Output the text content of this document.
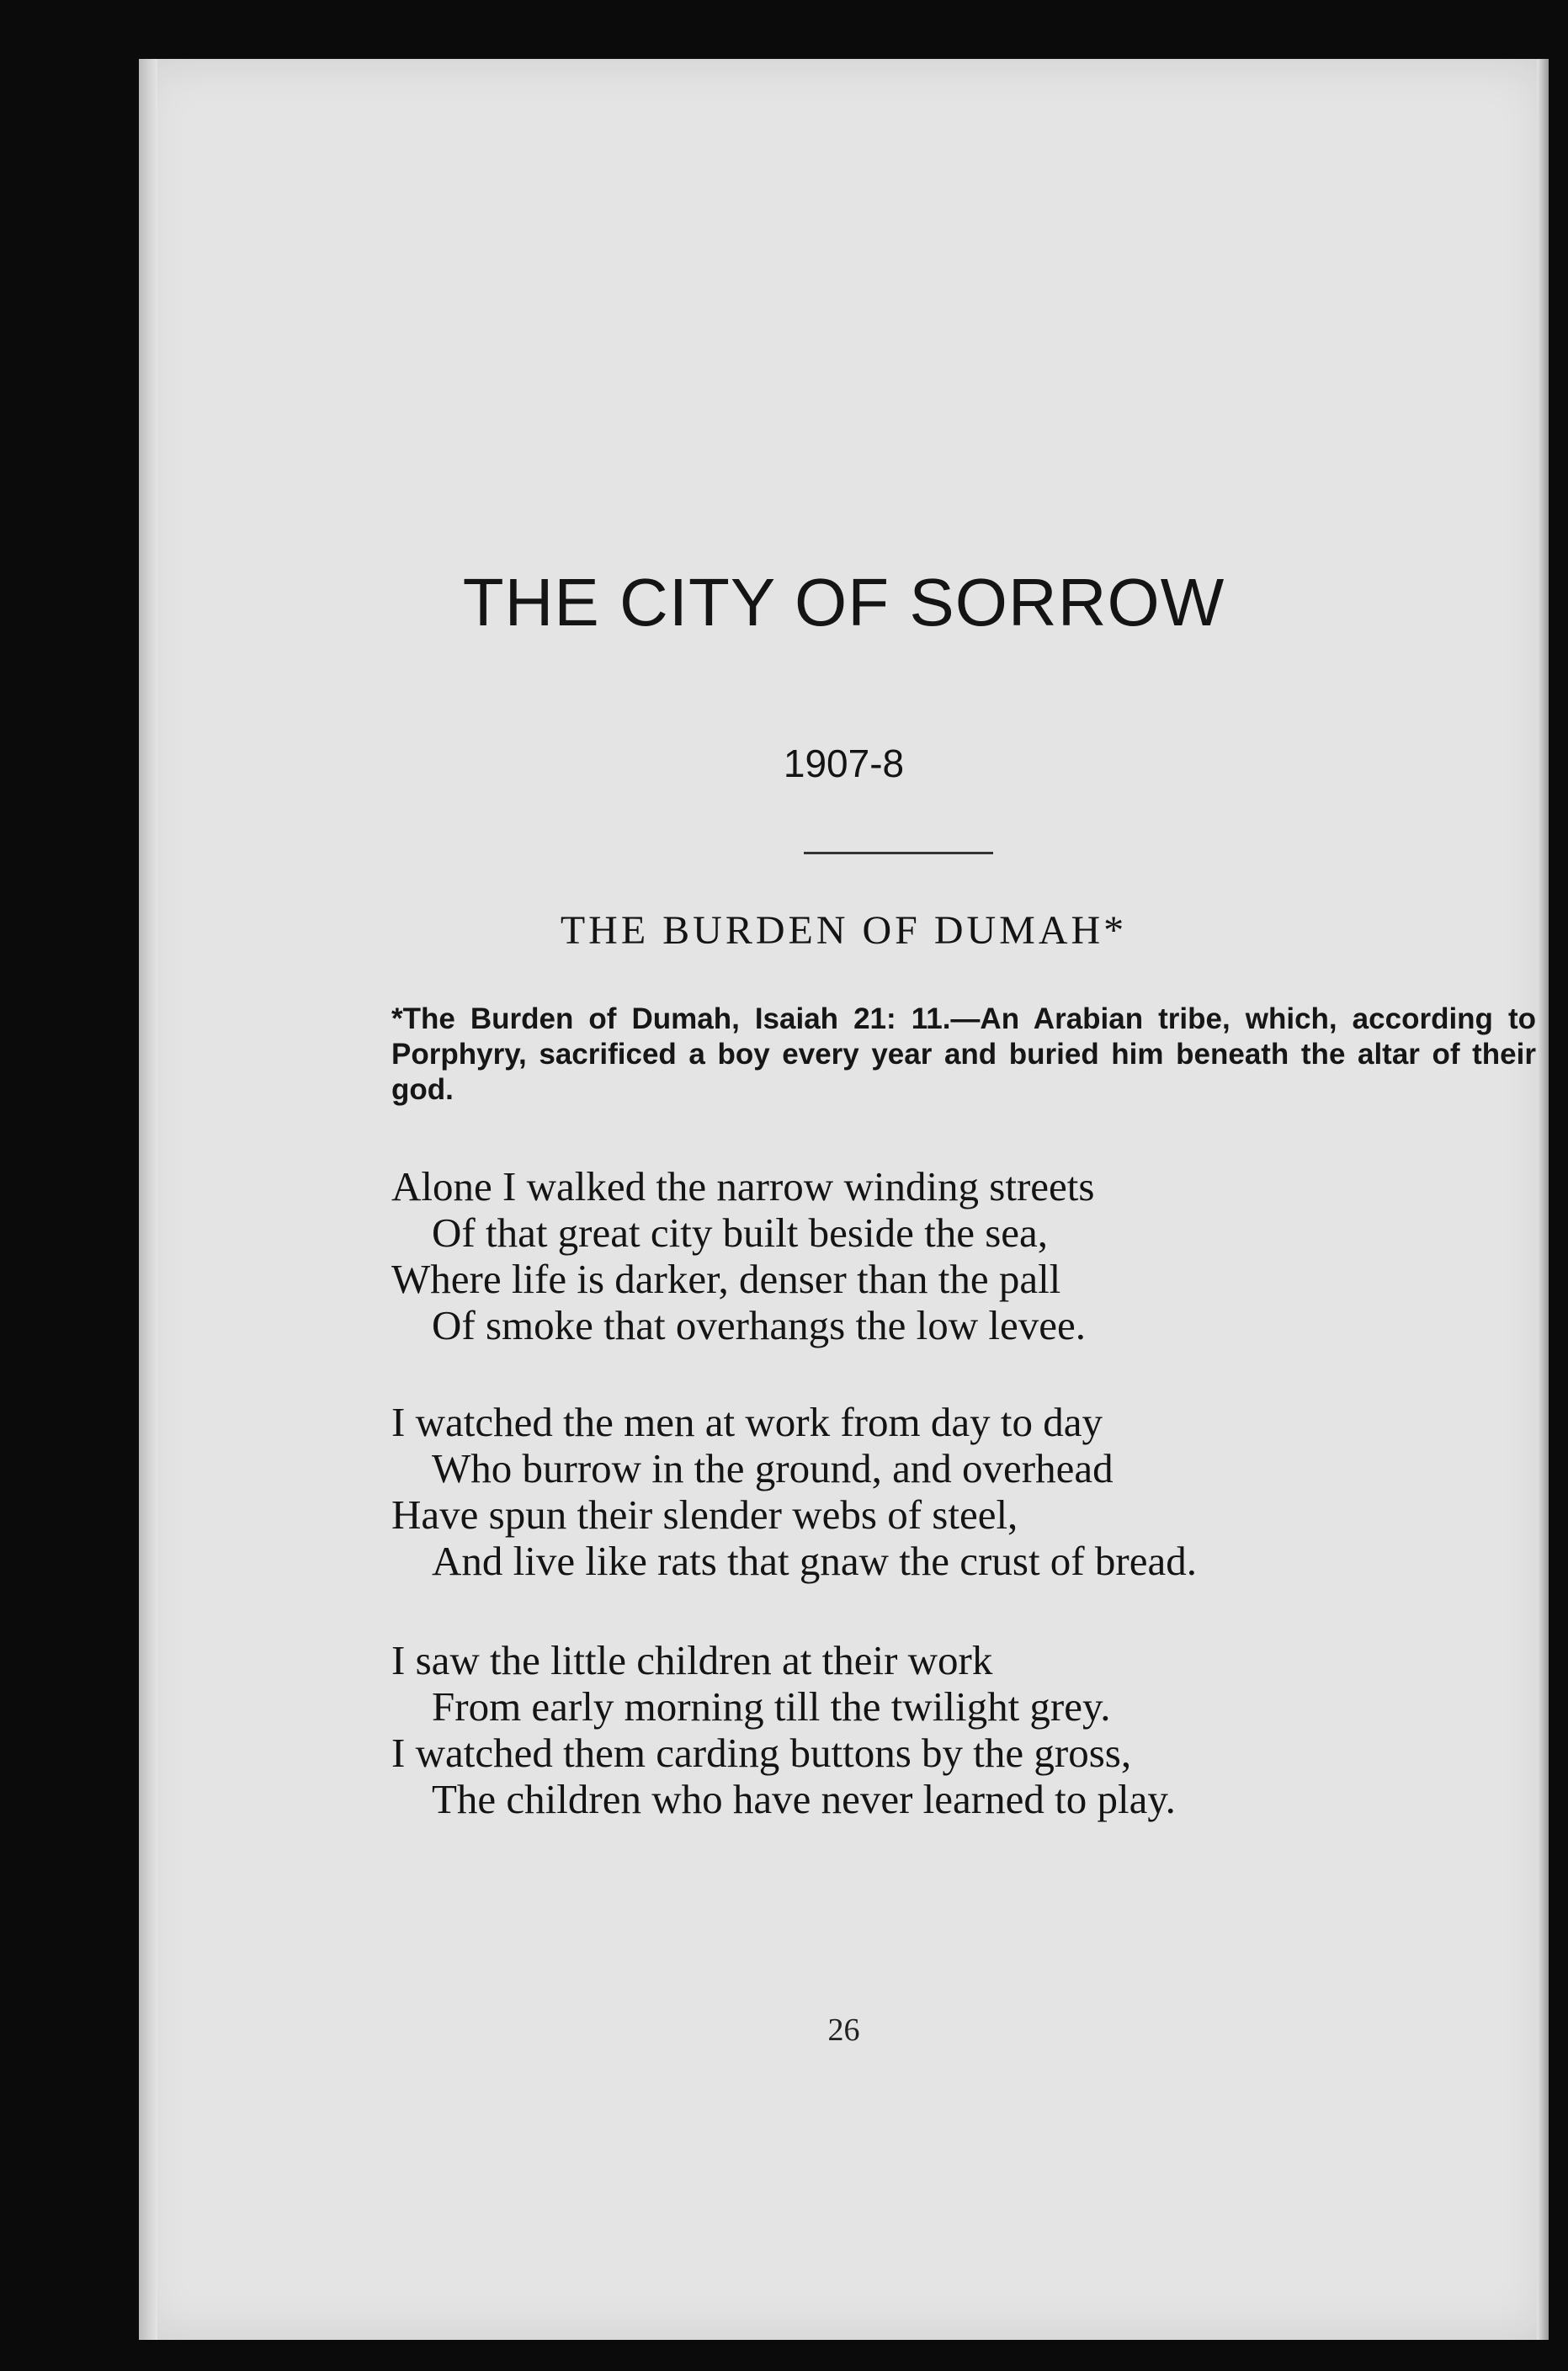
THE CITY OF SORROW
1907-8
THE BURDEN OF DUMAH*

*The Burden of Dumah, Isaiah 21: 11.—An Arabian tribe, which, according to Porphyry, sacrificed a boy every year and buried him beneath the altar of their god.

Alone I walked the narrow winding streets
Of that great city built beside the sea,
Where life is darker, denser than the pall
Of smoke that overhangs the low levee.
I watched the men at work from day to day
Who burrow in the ground, and overhead
Have spun their slender webs of steel,
And live like rats that gnaw the crust of bread.
I saw the little children at their work
From early morning till the twilight grey.
I watched them carding buttons by the gross,
The children who have never learned to play.
26
